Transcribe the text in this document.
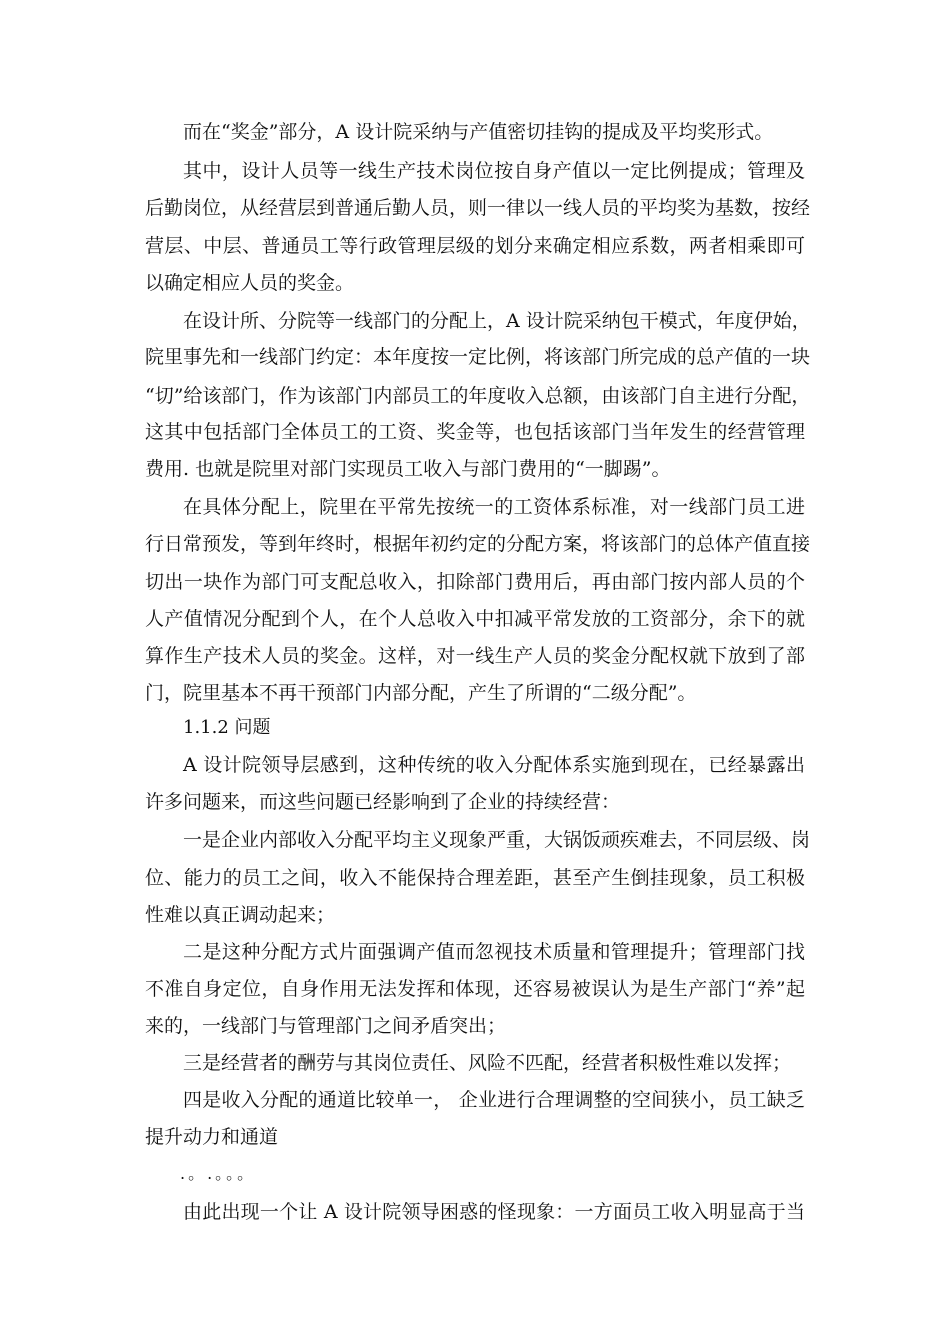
而在“奖金”部分，A 设计院采纳与产值密切挂钩的提成及平均奖形式。
其中，设计人员等一线生产技术岗位按自身产值以一定比例提成；管理及
后勤岗位，从经营层到普通后勤人员，则一律以一线人员的平均奖为基数，按经
营层、中层、普通员工等行政管理层级的划分来确定相应系数，两者相乘即可
以确定相应人员的奖金。
在设计所、分院等一线部门的分配上，A 设计院采纳包干模式，年度伊始，
院里事先和一线部门约定：本年度按一定比例，将该部门所完成的总产值的一块
“切”给该部门，作为该部门内部员工的年度收入总额，由该部门自主进行分配，
这其中包括部门全体员工的工资、奖金等，也包括该部门当年发生的经营管理
费用. 也就是院里对部门实现员工收入与部门费用的“一脚踢”。
在具体分配上，院里在平常先按统一的工资体系标准，对一线部门员工进
行日常预发，等到年终时，根据年初约定的分配方案，将该部门的总体产值直接
切出一块作为部门可支配总收入，扣除部门费用后，再由部门按内部人员的个
人产值情况分配到个人，在个人总收入中扣减平常发放的工资部分，余下的就
算作生产技术人员的奖金。这样，对一线生产人员的奖金分配权就下放到了部
门，院里基本不再干预部门内部分配，产生了所谓的“二级分配”。
1.1.2 问题
A 设计院领导层感到，这种传统的收入分配体系实施到现在，已经暴露出
许多问题来，而这些问题已经影响到了企业的持续经营：
一是企业内部收入分配平均主义现象严重，大锅饭顽疾难去，不同层级、岗
位、能力的员工之间，收入不能保持合理差距，甚至产生倒挂现象，员工积极
性难以真正调动起来；
二是这种分配方式片面强调产值而忽视技术质量和管理提升；管理部门找
不准自身定位，自身作用无法发挥和体现，还容易被误认为是生产部门“养”起
来的，一线部门与管理部门之间矛盾突出；
三是经营者的酬劳与其岗位责任、风险不匹配，经营者积极性难以发挥；
四是收入分配的通道比较单一， 企业进行合理调整的空间狭小，员工缺乏
提升动力和通道
.。.。。。
由此出现一个让 A 设计院领导困惑的怪现象：一方面员工收入明显高于当
